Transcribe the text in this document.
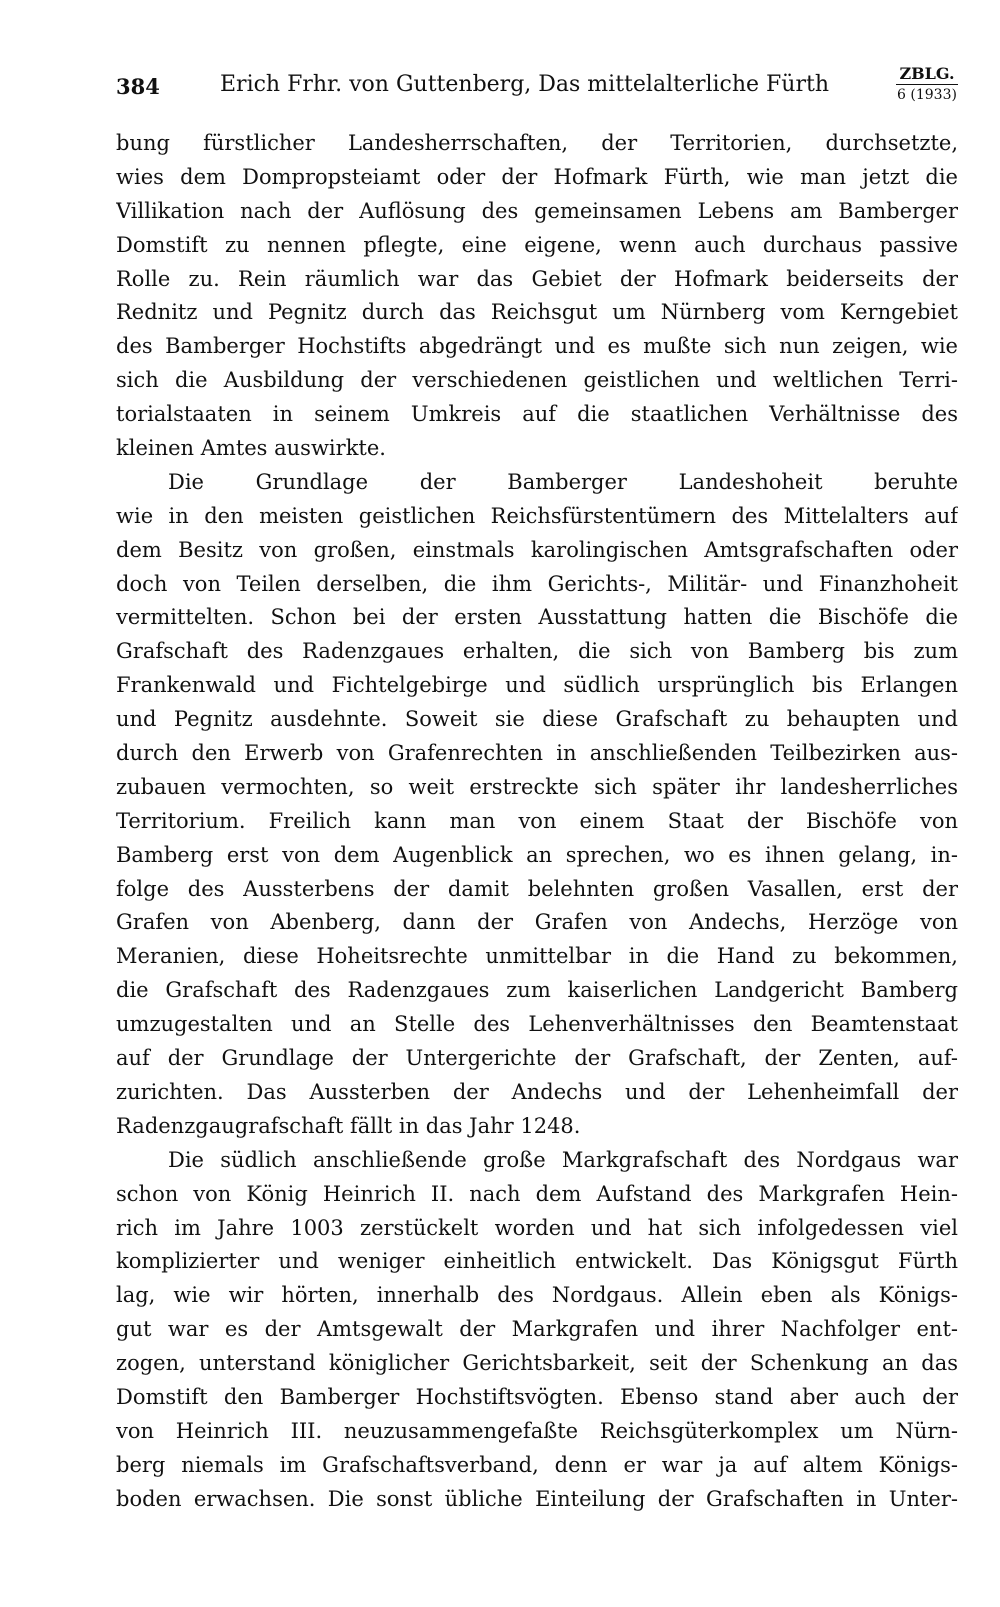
384	Erich Frhr. von Guttenberg, Das mittelalterliche Fürth	ZBLG.
6 (1933)
bung fürstlicher Landesherrschaften, der Territorien, durchsetzte,
wies dem Dompropsteiamt oder der Hofmark Fürth, wie man jetzt die
Villikation nach der Auflösung des gemeinsamen Lebens am Bamberger
Domstift zu nennen pflegte, eine eigene, wenn auch durchaus passive
Rolle zu. Rein räumlich war das Gebiet der Hofmark beiderseits der
Rednitz und Pegnitz durch das Reichsgut um Nürnberg vom Kerngebiet
des Bamberger Hochstifts abgedrängt und es mußte sich nun zeigen, wie
sich die Ausbildung der verschiedenen geistlichen und weltlichen Terri-
torialstaaten in seinem Umkreis auf die staatlichen Verhältnisse des
kleinen Amtes auswirkte.
Die Grundlage der Bamberger Landeshoheit beruhte
wie in den meisten geistlichen Reichsfürstentümern des Mittelalters auf
dem Besitz von großen, einstmals karolingischen Amtsgrafschaften oder
doch von Teilen derselben, die ihm Gerichts-, Militär- und Finanzhoheit
vermittelten. Schon bei der ersten Ausstattung hatten die Bischöfe die
Grafschaft des Radenzgaues erhalten, die sich von Bamberg bis zum
Frankenwald und Fichtelgebirge und südlich ursprünglich bis Erlangen
und Pegnitz ausdehnte. Soweit sie diese Grafschaft zu behaupten und
durch den Erwerb von Grafenrechten in anschließenden Teilbezirken aus-
zubauen vermochten, so weit erstreckte sich später ihr landesherrliches
Territorium. Freilich kann man von einem Staat der Bischöfe von
Bamberg erst von dem Augenblick an sprechen, wo es ihnen gelang, in-
folge des Aussterbens der damit belehnten großen Vasallen, erst der
Grafen von Abenberg, dann der Grafen von Andechs, Herzöge von
Meranien, diese Hoheitsrechte unmittelbar in die Hand zu bekommen,
die Grafschaft des Radenzgaues zum kaiserlichen Landgericht Bamberg
umzugestalten und an Stelle des Lehenverhältnisses den Beamtenstaat
auf der Grundlage der Untergerichte der Grafschaft, der Zenten, auf-
zurichten. Das Aussterben der Andechs und der Lehenheimfall der
Radenzgaugrafschaft fällt in das Jahr 1248.
Die südlich anschließende große Markgrafschaft des Nordgaus war
schon von König Heinrich II. nach dem Aufstand des Markgrafen Hein-
rich im Jahre 1003 zerstückelt worden und hat sich infolgedessen viel
komplizierter und weniger einheitlich entwickelt. Das Königsgut Fürth
lag, wie wir hörten, innerhalb des Nordgaus. Allein eben als Königs-
gut war es der Amtsgewalt der Markgrafen und ihrer Nachfolger ent-
zogen, unterstand königlicher Gerichtsbarkeit, seit der Schenkung an das
Domstift den Bamberger Hochstiftsvögten. Ebenso stand aber auch der
von Heinrich III. neuzusammengefaßte Reichsgüterkomplex um Nürn-
berg niemals im Grafschaftsverband, denn er war ja auf altem Königs-
boden erwachsen. Die sonst übliche Einteilung der Grafschaften in Unter-
